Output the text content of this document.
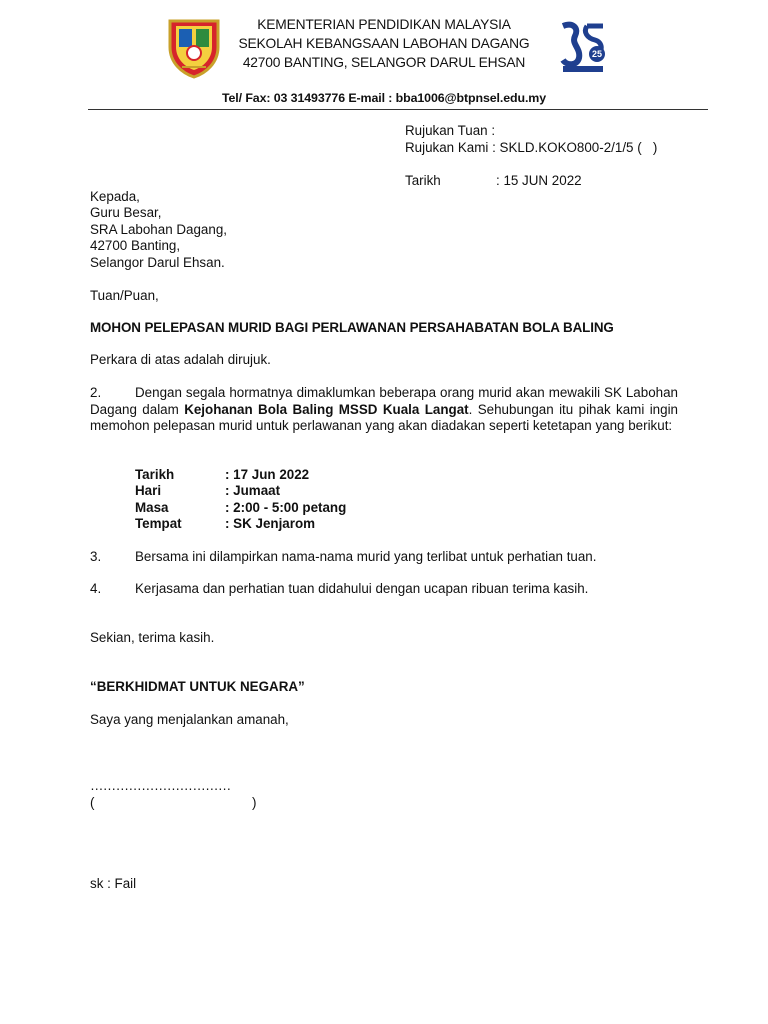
KEMENTERIAN PENDIDIKAN MALAYSIA
SEKOLAH KEBANGSAAN LABOHAN DAGANG
42700 BANTING, SELANGOR DARUL EHSAN
25
Tel/ Fax: 03 31493776 E-mail : bba1006@btpnsel.edu.my
Rujukan Tuan :
Rujukan Kami : SKLD.KOKO800-2/1/5 (   )
Tarikh	: 15 JUN 2022
Kepada,
Guru Besar,
SRA Labohan Dagang,
42700 Banting,
Selangor Darul Ehsan.
Tuan/Puan,
MOHON PELEPASAN MURID BAGI PERLAWANAN PERSAHABATAN BOLA BALING
Perkara di atas adalah dirujuk.
2.	Dengan segala hormatnya dimaklumkan beberapa orang murid akan mewakili SK Labohan Dagang dalam Kejohanan Bola Baling MSSD Kuala Langat. Sehubungan itu pihak kami ingin memohon pelepasan murid untuk perlawanan yang akan diadakan seperti ketetapan yang berikut:
Tarikh	: 17 Jun 2022
Hari	: Jumaat
Masa	: 2:00 - 5:00 petang
Tempat	: SK Jenjarom
3.	Bersama ini dilampirkan nama-nama murid yang terlibat untuk perhatian tuan.
4.	Kerjasama dan perhatian tuan didahului dengan ucapan ribuan terima kasih.
Sekian, terima kasih.
“BERKHIDMAT UNTUK NEGARA”
Saya yang menjalankan amanah,
……………………………
(	)
sk : Fail
